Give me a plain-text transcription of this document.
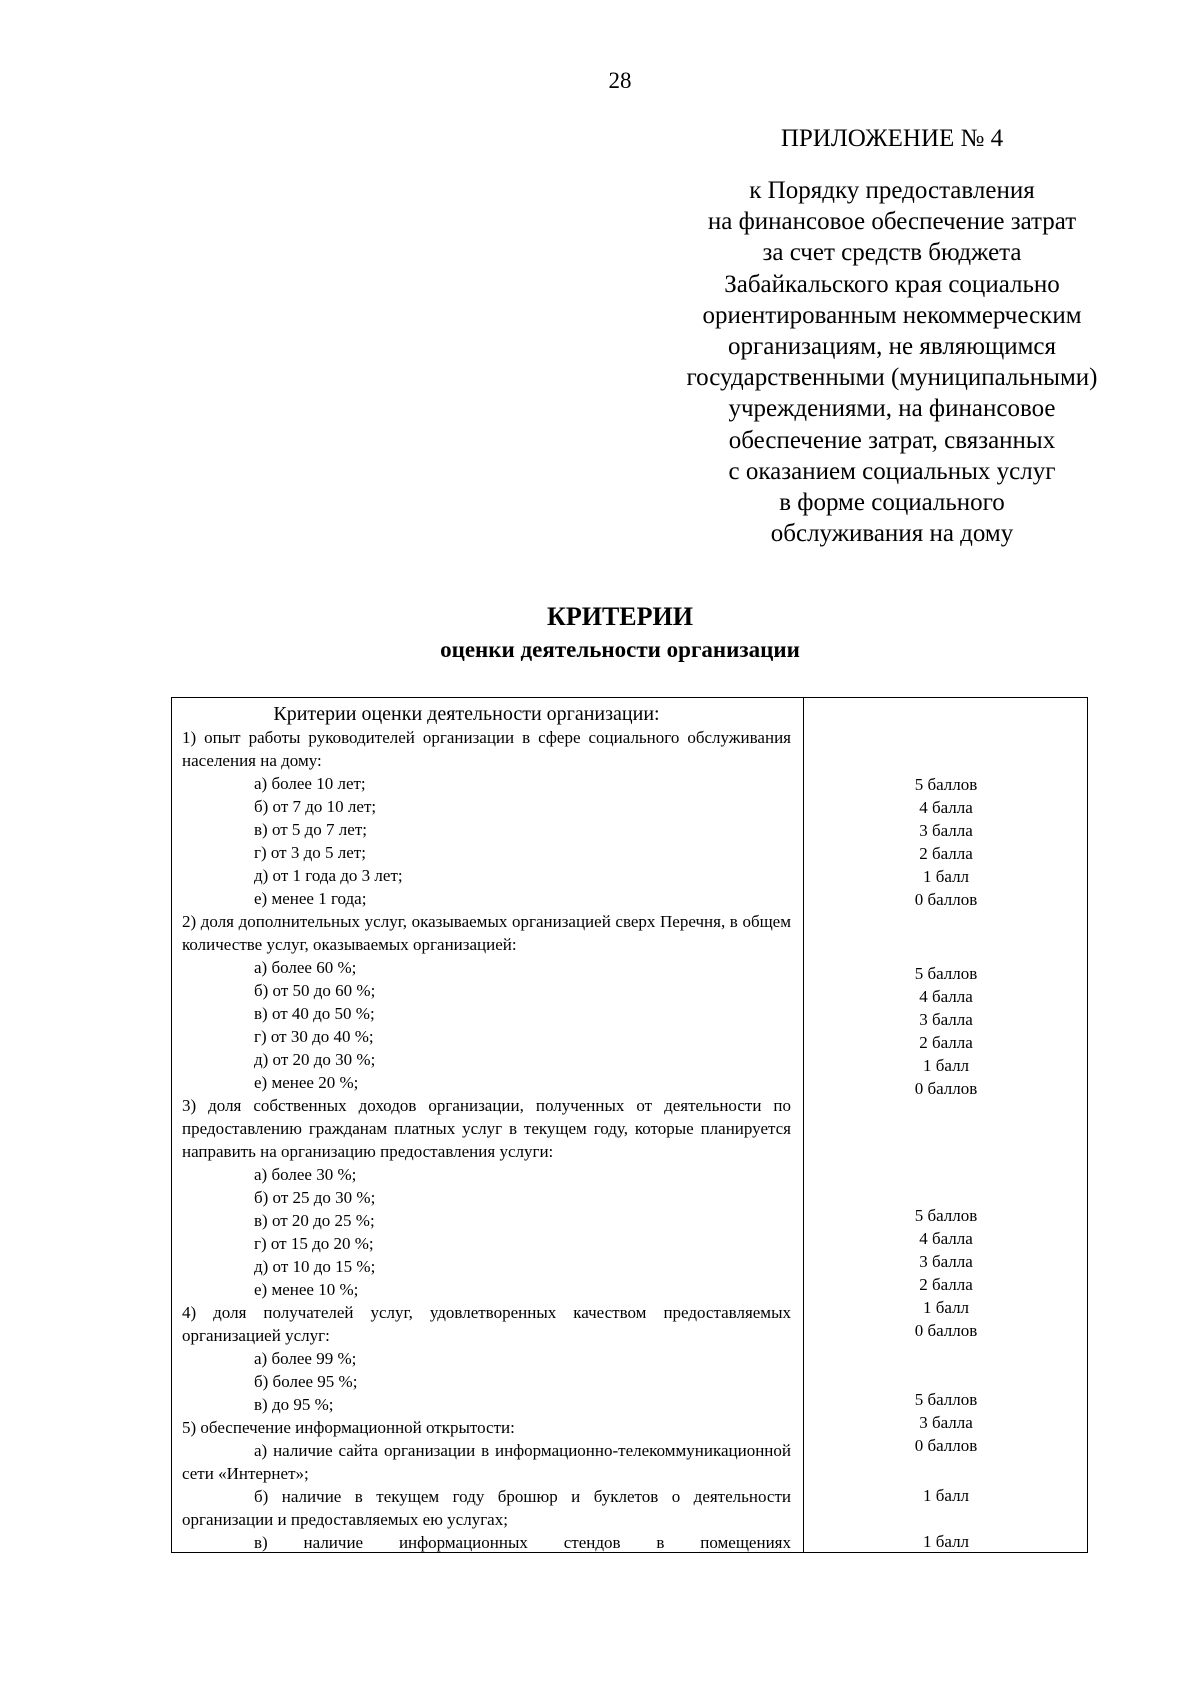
28
ПРИЛОЖЕНИЕ № 4
к Порядку предоставления
на финансовое обеспечение затрат
за счет средств бюджета
Забайкальского края социально
ориентированным некоммерческим
организациям, не являющимся
государственными (муниципальными)
учреждениями, на финансовое
обеспечение затрат, связанных
с оказанием социальных услуг
в форме социального
обслуживания на дому
КРИТЕРИИ
оценки деятельности организации
Критерии оценки деятельности организации:
1) опыт работы руководителей организации в сфере социального обслуживания населения на дому:
а) более 10 лет;
б) от 7 до 10 лет;
в) от 5 до 7 лет;
г) от 3 до 5 лет;
д) от 1 года до 3 лет;
е) менее 1 года;
2) доля дополнительных услуг, оказываемых организацией сверх Перечня, в общем количестве услуг, оказываемых организацией:
а) более 60 %;
б) от 50 до 60 %;
в) от 40 до 50 %;
г) от 30 до 40 %;
д) от 20 до 30 %;
е) менее 20 %;
3) доля собственных доходов организации, полученных от деятельности по предоставлению гражданам платных услуг в текущем году, которые планируется направить на организацию предоставления услуги:
а) более 30 %;
б) от 25 до 30 %;
в) от 20 до 25 %;
г) от 15 до 20 %;
д) от 10 до 15 %;
е) менее 10 %;
4) доля получателей услуг, удовлетворенных качеством предоставляемых организацией услуг:
а) более 99 %;
б) более 95 %;
в) до 95 %;
5) обеспечение информационной открытости:
а) наличие сайта организации в информационно-телекоммуникационной сети «Интернет»;
б) наличие в текущем году брошюр и буклетов о деятельности организации и предоставляемых ею услугах;
в) наличие информационных стендов в помещениях
5 баллов
4 балла
3 балла
2 балла
1 балл
0 баллов
5 баллов
4 балла
3 балла
2 балла
1 балл
0 баллов
5 баллов
4 балла
3 балла
2 балла
1 балл
0 баллов
5 баллов
3 балла
0 баллов
1 балл
1 балл
